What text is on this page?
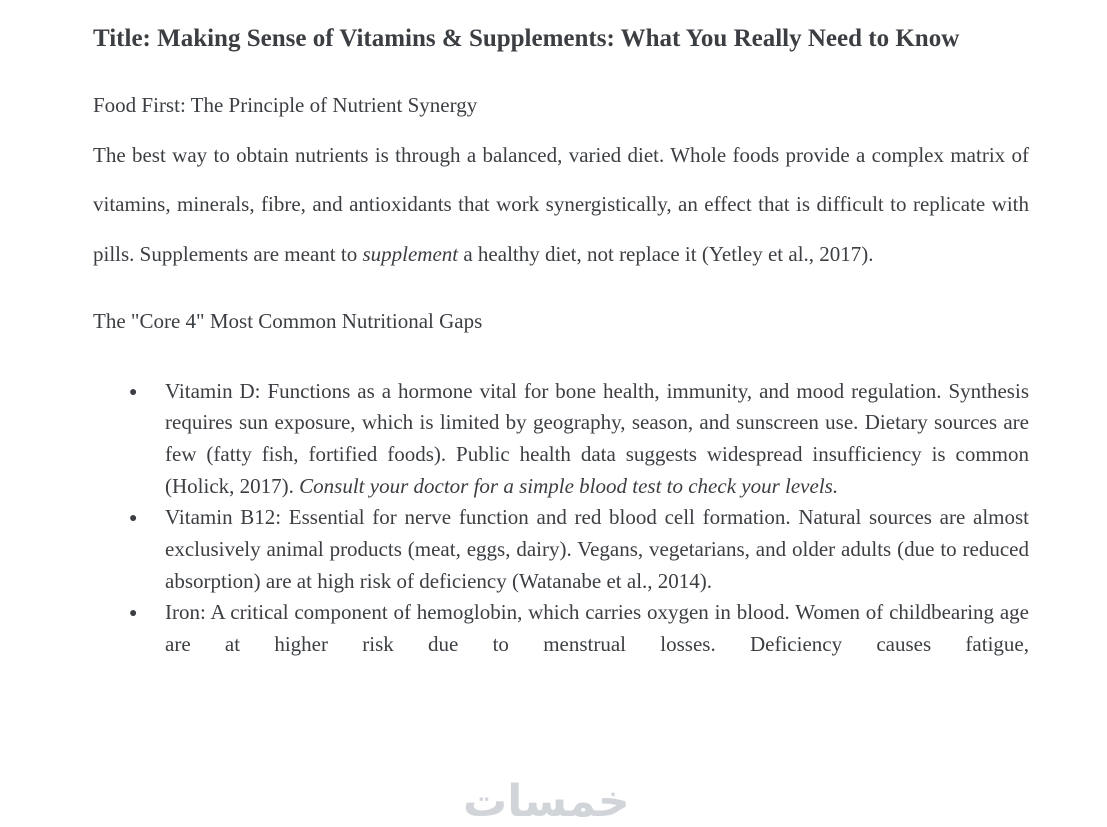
خمسات
Title: Making Sense of Vitamins & Supplements: What You Really Need to Know

Food First: The Principle of Nutrient Synergy

The best way to obtain nutrients is through a balanced, varied diet. Whole foods provide a complex matrix of vitamins, minerals, fibre, and antioxidants that work synergistically, an effect that is difficult to replicate with pills. Supplements are meant to supplement a healthy diet, not replace it (Yetley et al., 2017).

The "Core 4" Most Common Nutritional Gaps

● Vitamin D: Functions as a hormone vital for bone health, immunity, and mood regulation. Synthesis requires sun exposure, which is limited by geography, season, and sunscreen use. Dietary sources are few (fatty fish, fortified foods). Public health data suggests widespread insufficiency is common (Holick, 2017). Consult your doctor for a simple blood test to check your levels.
● Vitamin B12: Essential for nerve function and red blood cell formation. Natural sources are almost exclusively animal products (meat, eggs, dairy). Vegans, vegetarians, and older adults (due to reduced absorption) are at high risk of deficiency (Watanabe et al., 2014).
● Iron: A critical component of hemoglobin, which carries oxygen in blood. Women of childbearing age are at higher risk due to menstrual losses. Deficiency causes fatigue,
